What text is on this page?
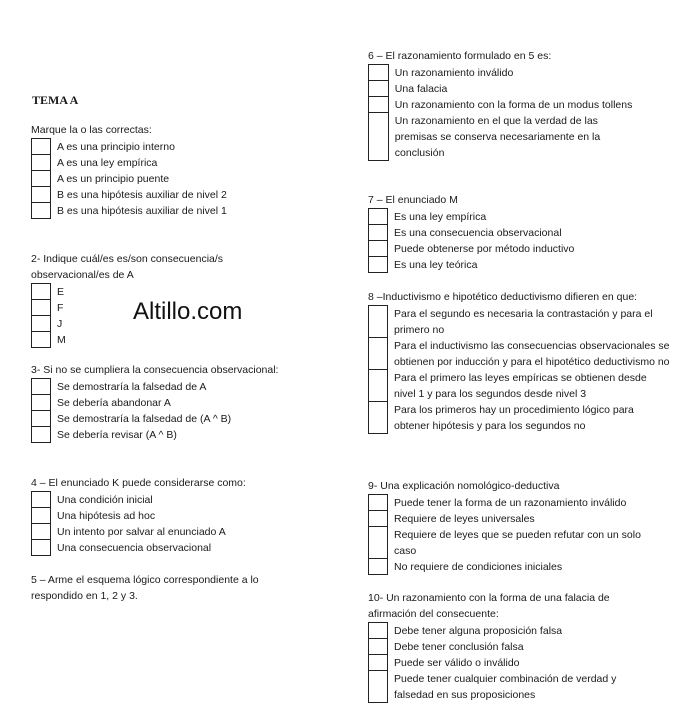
TEMA A
Marque la o las correctas:
	A es una principio interno
	A es una ley empírica
	A es un principio puente
	B es una hipótesis auxiliar de nivel 2
	B es una hipótesis auxiliar de nivel 1
2- Indique cuál/es es/son consecuencia/s observacional/es de A
	E
	F
	J
	M
Altillo.com
3- Si no se cumpliera la consecuencia observacional:
	Se demostraría la falsedad de A
	Se debería abandonar A
	Se demostraría la falsedad de (A ^ B)
	Se debería revisar (A ^ B)
4 – El enunciado K puede considerarse como:
	Una condición inicial
	Una hipótesis ad hoc
	Un intento por salvar al enunciado A
	Una consecuencia observacional
5 – Arme el esquema lógico correspondiente a lo respondido en 1, 2 y 3.
6 – El razonamiento formulado en 5 es:
	Un razonamiento inválido
	Una falacia
	Un razonamiento con la forma de un modus tollens
	Un razonamiento en el que la verdad de las premisas se conserva necesariamente en la conclusión
7 – El enunciado M
	Es una ley empírica
	Es una consecuencia observacional
	Puede obtenerse por método inductivo
	Es una ley teórica
8 –Inductivismo e hipotético deductivismo difieren en que:
	Para el segundo es necesaria la contrastación y para el primero no
	Para el inductivismo las consecuencias observacionales se obtienen por inducción y para el hipotético deductivismo no
	Para el primero las leyes empíricas se obtienen desde nivel 1 y para los segundos desde nivel 3
	Para los primeros hay un procedimiento lógico para obtener hipótesis y para los segundos no
9- Una explicación nomológico-deductiva
	Puede tener la forma de un razonamiento inválido
	Requiere de leyes universales
	Requiere de leyes que se pueden refutar con un solo caso
	No requiere de condiciones iniciales
10- Un razonamiento con la forma de una falacia de afirmación del consecuente:
	Debe tener alguna proposición falsa
	Debe tener conclusión falsa
	Puede ser válido o inválido
	Puede tener cualquier combinación de verdad y falsedad en sus proposiciones
